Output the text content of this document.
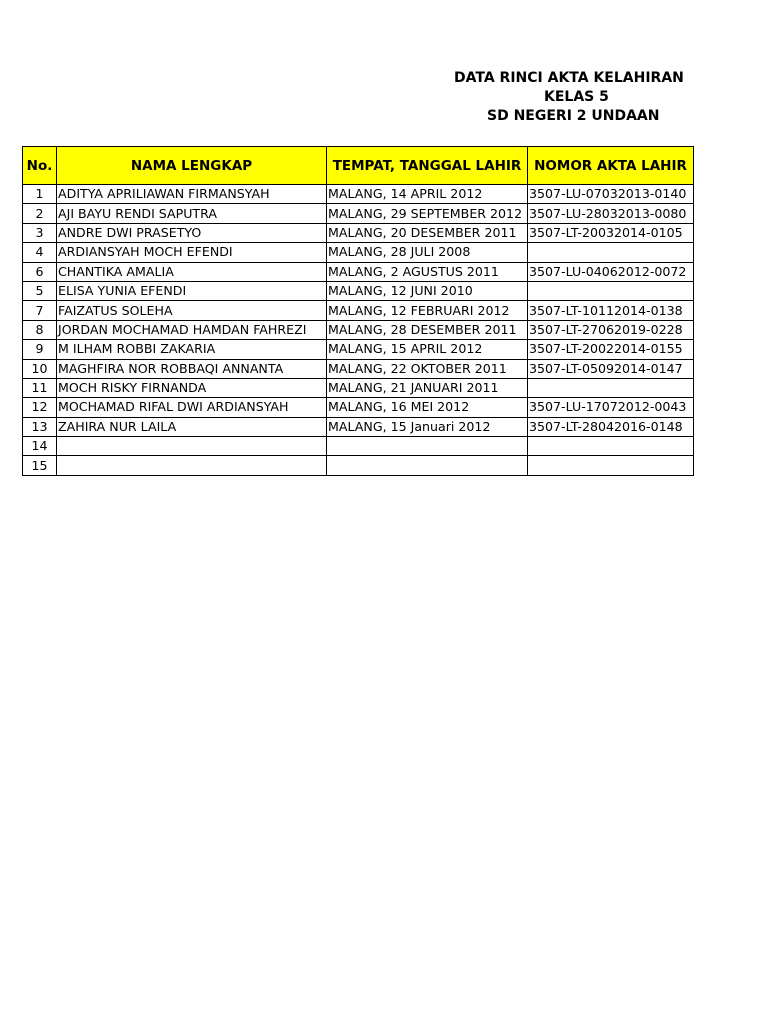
DATA RINCI AKTA KELAHIRAN
KELAS 5
SD NEGERI 2 UNDAAN
No.	NAMA LENGKAP	TEMPAT, TANGGAL LAHIR	NOMOR AKTA LAHIR
1	ADITYA APRILIAWAN FIRMANSYAH	MALANG, 14 APRIL 2012	3507-LU-07032013-0140
2	AJI BAYU RENDI SAPUTRA	MALANG, 29 SEPTEMBER 2012	3507-LU-28032013-0080
3	ANDRE DWI PRASETYO	MALANG, 20 DESEMBER 2011	3507-LT-20032014-0105
4	ARDIANSYAH MOCH EFENDI	MALANG, 28 JULI 2008	
6	CHANTIKA AMALIA	MALANG, 2 AGUSTUS 2011	3507-LU-04062012-0072
5	ELISA YUNIA EFENDI	MALANG, 12 JUNI 2010	
7	FAIZATUS SOLEHA	MALANG, 12 FEBRUARI 2012	3507-LT-10112014-0138
8	JORDAN MOCHAMAD HAMDAN FAHREZI	MALANG, 28 DESEMBER 2011	3507-LT-27062019-0228
9	M ILHAM ROBBI ZAKARIA	MALANG, 15 APRIL 2012	3507-LT-20022014-0155
10	MAGHFIRA NOR ROBBAQI ANNANTA	MALANG, 22 OKTOBER 2011	3507-LT-05092014-0147
11	MOCH RISKY FIRNANDA	MALANG, 21 JANUARI 2011	
12	MOCHAMAD RIFAL DWI ARDIANSYAH	MALANG, 16 MEI 2012	3507-LU-17072012-0043
13	ZAHIRA NUR LAILA	MALANG, 15 Januari 2012	3507-LT-28042016-0148
14			
15			
